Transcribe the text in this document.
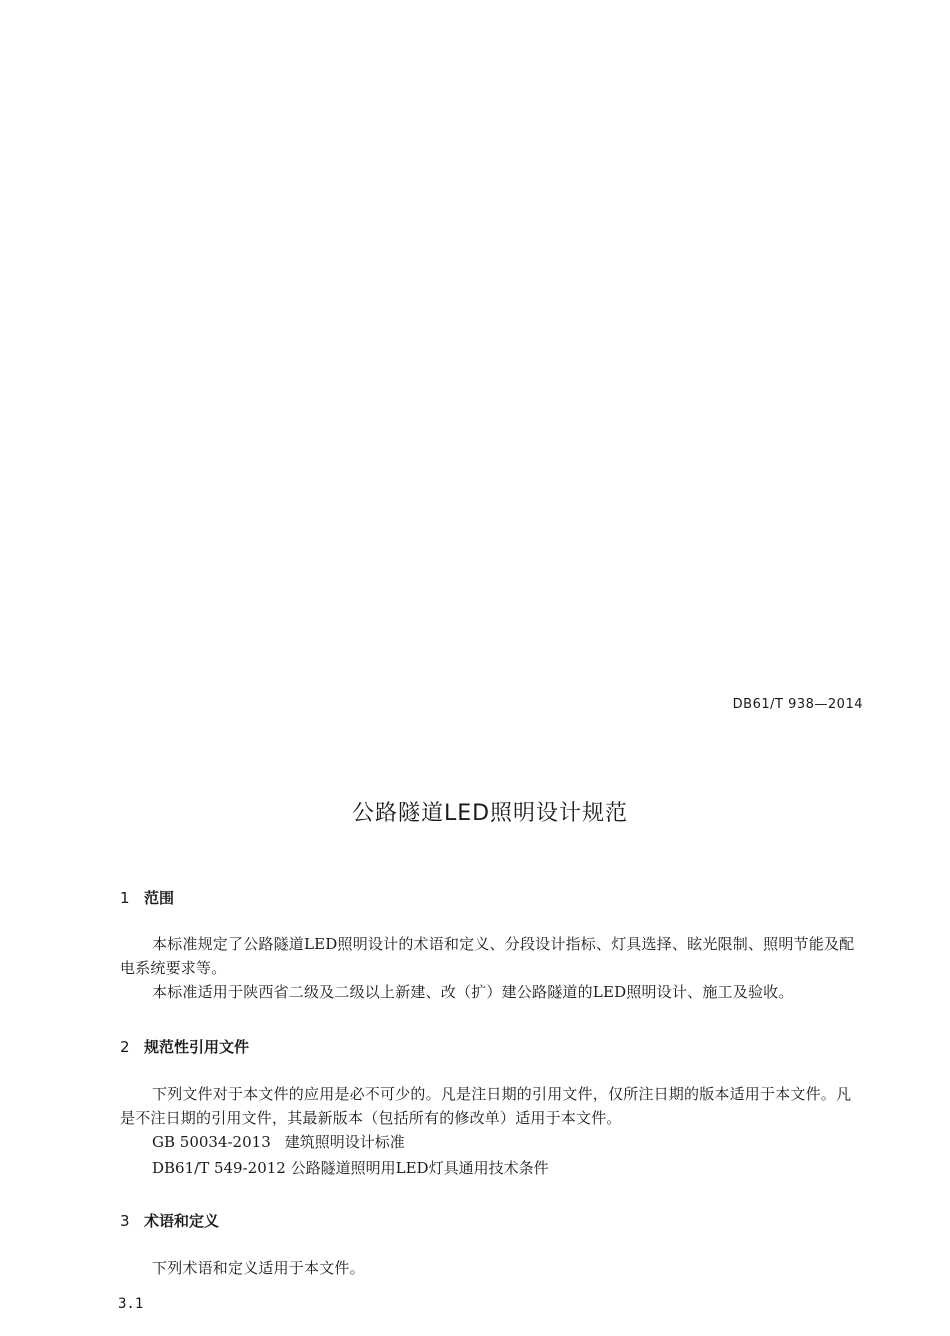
DB61/T 938—2014
公路隧道LED照明设计规范
1 范围
本标准规定了公路隧道LED照明设计的术语和定义、分段设计指标、灯具选择、眩光限制、照明节能及配电系统要求等。
本标准适用于陕西省二级及二级以上新建、改（扩）建公路隧道的LED照明设计、施工及验收。
2 规范性引用文件
下列文件对于本文件的应用是必不可少的。凡是注日期的引用文件，仅所注日期的版本适用于本文件。凡是不注日期的引用文件，其最新版本（包括所有的修改单）适用于本文件。
GB 50034-2013 建筑照明设计标准
DB61/T 549-2012 公路隧道照明用LED灯具通用技术条件
3 术语和定义
下列术语和定义适用于本文件。
3.1
